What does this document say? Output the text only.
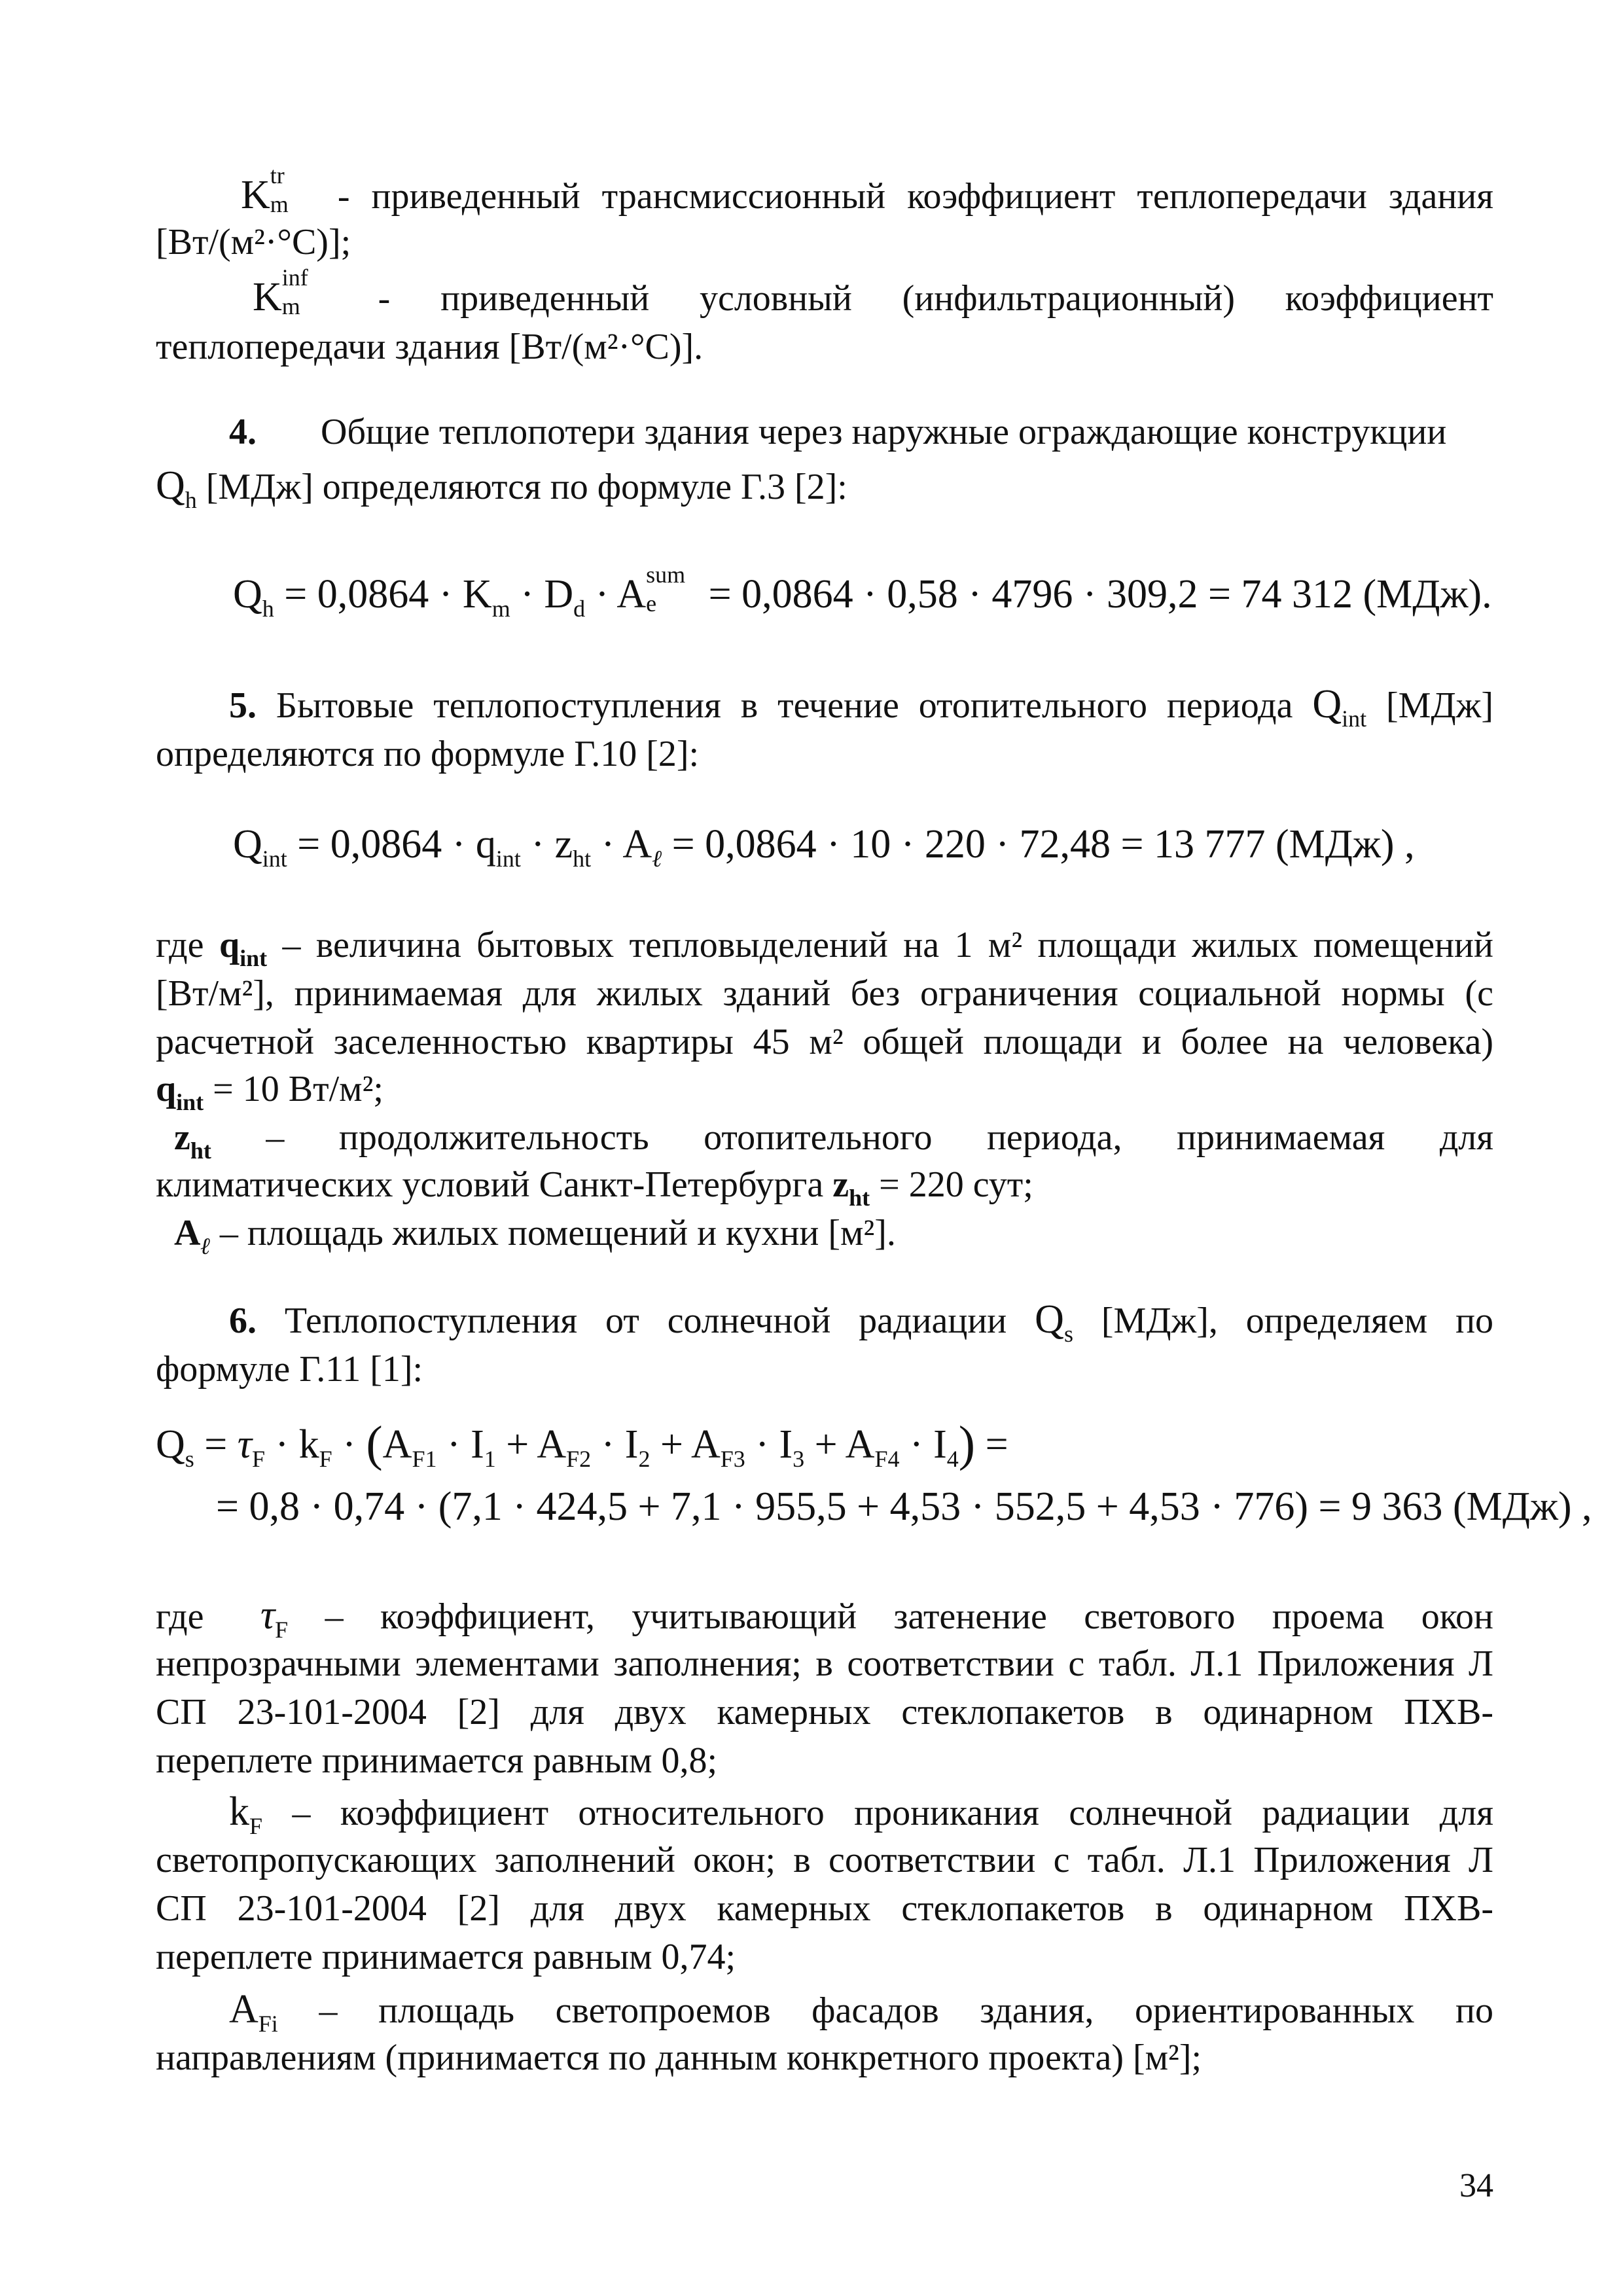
K tr
m - приведенный трансмиссионный коэффициент теплопередачи здания
[Вт/(м²·°С)];
K inf
m - приведенный условный (инфильтрационный) коэффициент
теплопередачи здания [Вт/(м²·°С)].
4. Общие теплопотери здания через наружные ограждающие конструкции
$Q_h$ [МДж] определяются по формуле Г.3 [2]:
$Q_h = 0,0864 \cdot K_m \cdot D_d \cdot A$ sum
e = 0,0864 · 0,58 · 4796 · 309,2 = 74 312 (МДж).
5. Бытовые теплопоступления в течение отопительного периода $Q_{int}$ [МДж]
определяются по формуле Г.10 [2]:
$Q_{int} = 0,0864 \cdot q_{int} \cdot z_{ht} \cdot A_\ell = 0,0864 \cdot 10 \cdot 220 \cdot 72,48 = 13$ 777 (МДж) ,
где $q_{int}$ – величина бытовых тепловыделений на 1 м² площади жилых помещений
[Вт/м²], принимаемая для жилых зданий без ограничения социальной нормы (с
расчетной заселенностью квартиры 45 м² общей площади и более на человека)
$q_{int} = 10$ Вт/м²;
$z_{ht}$ – продолжительность отопительного периода, принимаемая для
климатических условий Санкт-Петербурга $z_{ht} = 220$ сут;
$A_\ell$ – площадь жилых помещений и кухни [м²].
6. Теплопоступления от солнечной радиации $Q_s$ [МДж], определяем по
формуле Г.11 [1]:
$Q_s = \tau_F \cdot k_F \cdot (A_{F1} \cdot I_1 + A_{F2} \cdot I_2 + A_{F3} \cdot I_3 + A_{F4} \cdot I_4)$ =
= 0,8 · 0,74 · (7,1 · 424,5 + 7,1 · 955,5 + 4,53 · 552,5 + 4,53 · 776) = 9 363 (МДж) ,
где $\tau_F$ – коэффициент, учитывающий затенение светового проема окон
непрозрачными элементами заполнения; в соответствии с табл. Л.1 Приложения Л
СП 23-101-2004 [2] для двух камерных стеклопакетов в одинарном ПХВ-
переплете принимается равным 0,8;
$k_F$ – коэффициент относительного проникания солнечной радиации для
светопропускающих заполнений окон; в соответствии с табл. Л.1 Приложения Л
СП 23-101-2004 [2] для двух камерных стеклопакетов в одинарном ПХВ-
переплете принимается равным 0,74;
$A_{Fi}$ – площадь светопроемов фасадов здания, ориентированных по
направлениям (принимается по данным конкретного проекта) [м²];
34
